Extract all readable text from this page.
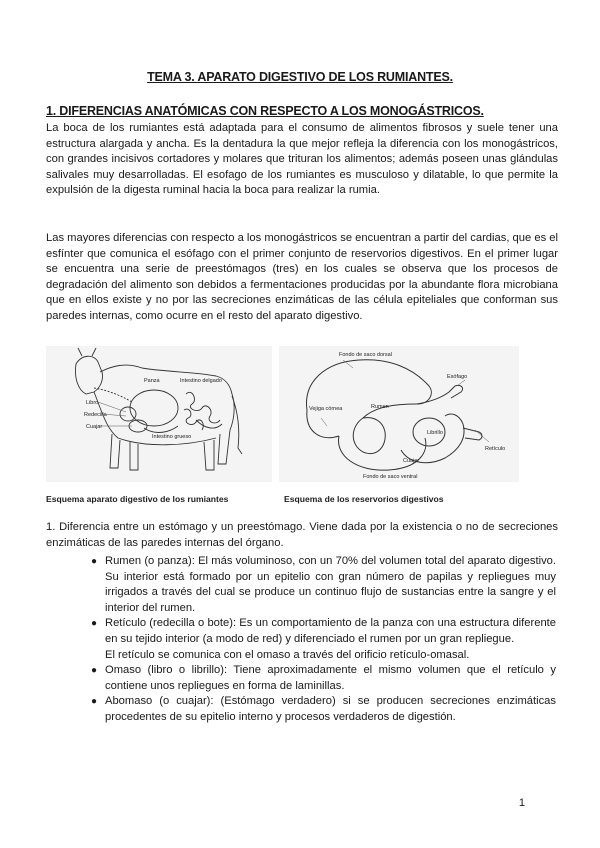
TEMA 3. APARATO DIGESTIVO DE LOS RUMIANTES.
1. DIFERENCIAS ANATÓMICAS CON RESPECTO A LOS MONOGÁSTRICOS.
La boca de los rumiantes está adaptada para el consumo de alimentos fibrosos y suele tener una estructura alargada y ancha. Es la dentadura la que mejor refleja la diferencia con los monogástricos, con grandes incisivos cortadores y molares que trituran los alimentos; además poseen unas glándulas salivales muy desarrolladas. El esofago de los rumiantes es musculoso y dilatable, lo que permite la expulsión de la digesta ruminal hacia la boca para realizar la rumia.
Las mayores diferencias con respecto a los monogástricos se encuentran a partir del cardias, que es el esfínter que comunica el esófago con el primer conjunto de reservorios digestivos. En el primer lugar se encuentra una serie de preestómagos (tres) en los cuales se observa que los procesos de degradación del alimento son debidos a fermentaciones producidas por la abundante flora microbiana que en ellos existe y no por las secreciones enzimáticas de las célula epiteliales que conforman sus paredes internas, como ocurre en el resto del aparato digestivo.
Panza	Intestino delgado
Libro
Redecilla
Cuajar
Intestino grueso
Fondo de saco dorsal
Esófago
Rumen
Vejiga córnea
Librillo
Retículo
Cuajar
Fondo de saco ventral
Esquema aparato digestivo de los rumiantes	Esquema de los reservorios digestivos
1. Diferencia entre un estómago y un preestómago. Viene dada por la existencia o no de secreciones enzimáticas de las paredes internas del órgano.
● Rumen (o panza): El más voluminoso, con un 70% del volumen total del aparato digestivo. Su interior está formado por un epitelio con gran número de papilas y repliegues muy irrigados a través del cual se produce un continuo flujo de sustancias entre la sangre y el interior del rumen.
● Retículo (redecilla o bote): Es un comportamiento de la panza con una estructura diferente en su tejido interior (a modo de red) y diferenciado el rumen por un gran repliegue.
El retículo se comunica con el omaso a través del orificio retículo-omasal.
● Omaso (libro o librillo): Tiene aproximadamente el mismo volumen que el retículo y contiene unos repliegues en forma de laminillas.
● Abomaso (o cuajar): (Estómago verdadero) si se producen secreciones enzimáticas procedentes de su epitelio interno y procesos verdaderos de digestión.
1
